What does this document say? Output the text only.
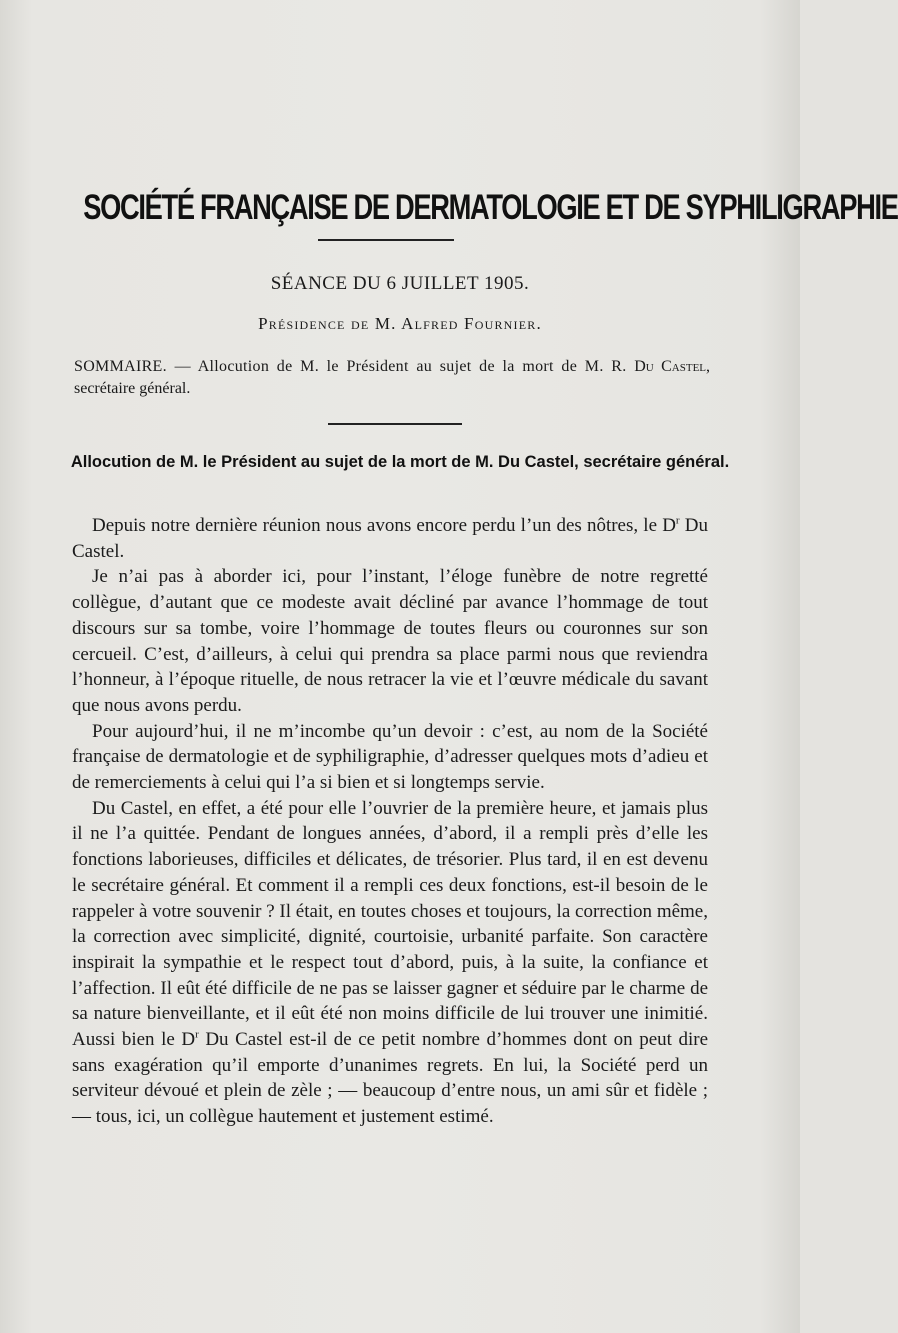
SOCIÉTÉ FRANÇAISE DE DERMATOLOGIE ET DE SYPHILIGRAPHIE
SÉANCE DU 6 JUILLET 1905.
Présidence de M. Alfred Fournier.
SOMMAIRE. — Allocution de M. le Président au sujet de la mort de M. R. Du Castel, secrétaire général.
Allocution de M. le Président au sujet de la mort de M. Du Castel, secrétaire général.

Depuis notre dernière réunion nous avons encore perdu l’un des nôtres, le $D^r$ Du Castel.

Je n’ai pas à aborder ici, pour l’instant, l’éloge funèbre de notre regretté collègue, d’autant que ce modeste avait décliné par avance l’hommage de tout discours sur sa tombe, voire l’hommage de toutes fleurs ou couronnes sur son cercueil. C’est, d’ailleurs, à celui qui prendra sa place parmi nous que reviendra l’honneur, à l’époque rituelle, de nous retracer la vie et l’œuvre médicale du savant que nous avons perdu.

Pour aujourd’hui, il ne m’incombe qu’un devoir : c’est, au nom de la Société française de dermatologie et de syphiligraphie, d’adresser quelques mots d’adieu et de remerciements à celui qui l’a si bien et si longtemps servie.

Du Castel, en effet, a été pour elle l’ouvrier de la première heure, et jamais plus il ne l’a quittée. Pendant de longues années, d’abord, il a rempli près d’elle les fonctions laborieuses, difficiles et délicates, de trésorier. Plus tard, il en est devenu le secrétaire général. Et comment il a rempli ces deux fonctions, est-il besoin de le rappeler à votre souvenir ? Il était, en toutes choses et toujours, la correction même, la correction avec simplicité, dignité, courtoisie, urbanité parfaite. Son caractère inspirait la sympathie et le respect tout d’abord, puis, à la suite, la confiance et l’affection. Il eût été difficile de ne pas se laisser gagner et séduire par le charme de sa nature bienveillante, et il eût été non moins difficile de lui trouver une inimitié. Aussi bien le $D^r$ Du Castel est-il de ce petit nombre d’hommes dont on peut dire sans exagération qu’il emporte d’unanimes regrets. En lui, la Société perd un serviteur dévoué et plein de zèle ; — beaucoup d’entre nous, un ami sûr et fidèle ; — tous, ici, un collègue hautement et justement estimé.
